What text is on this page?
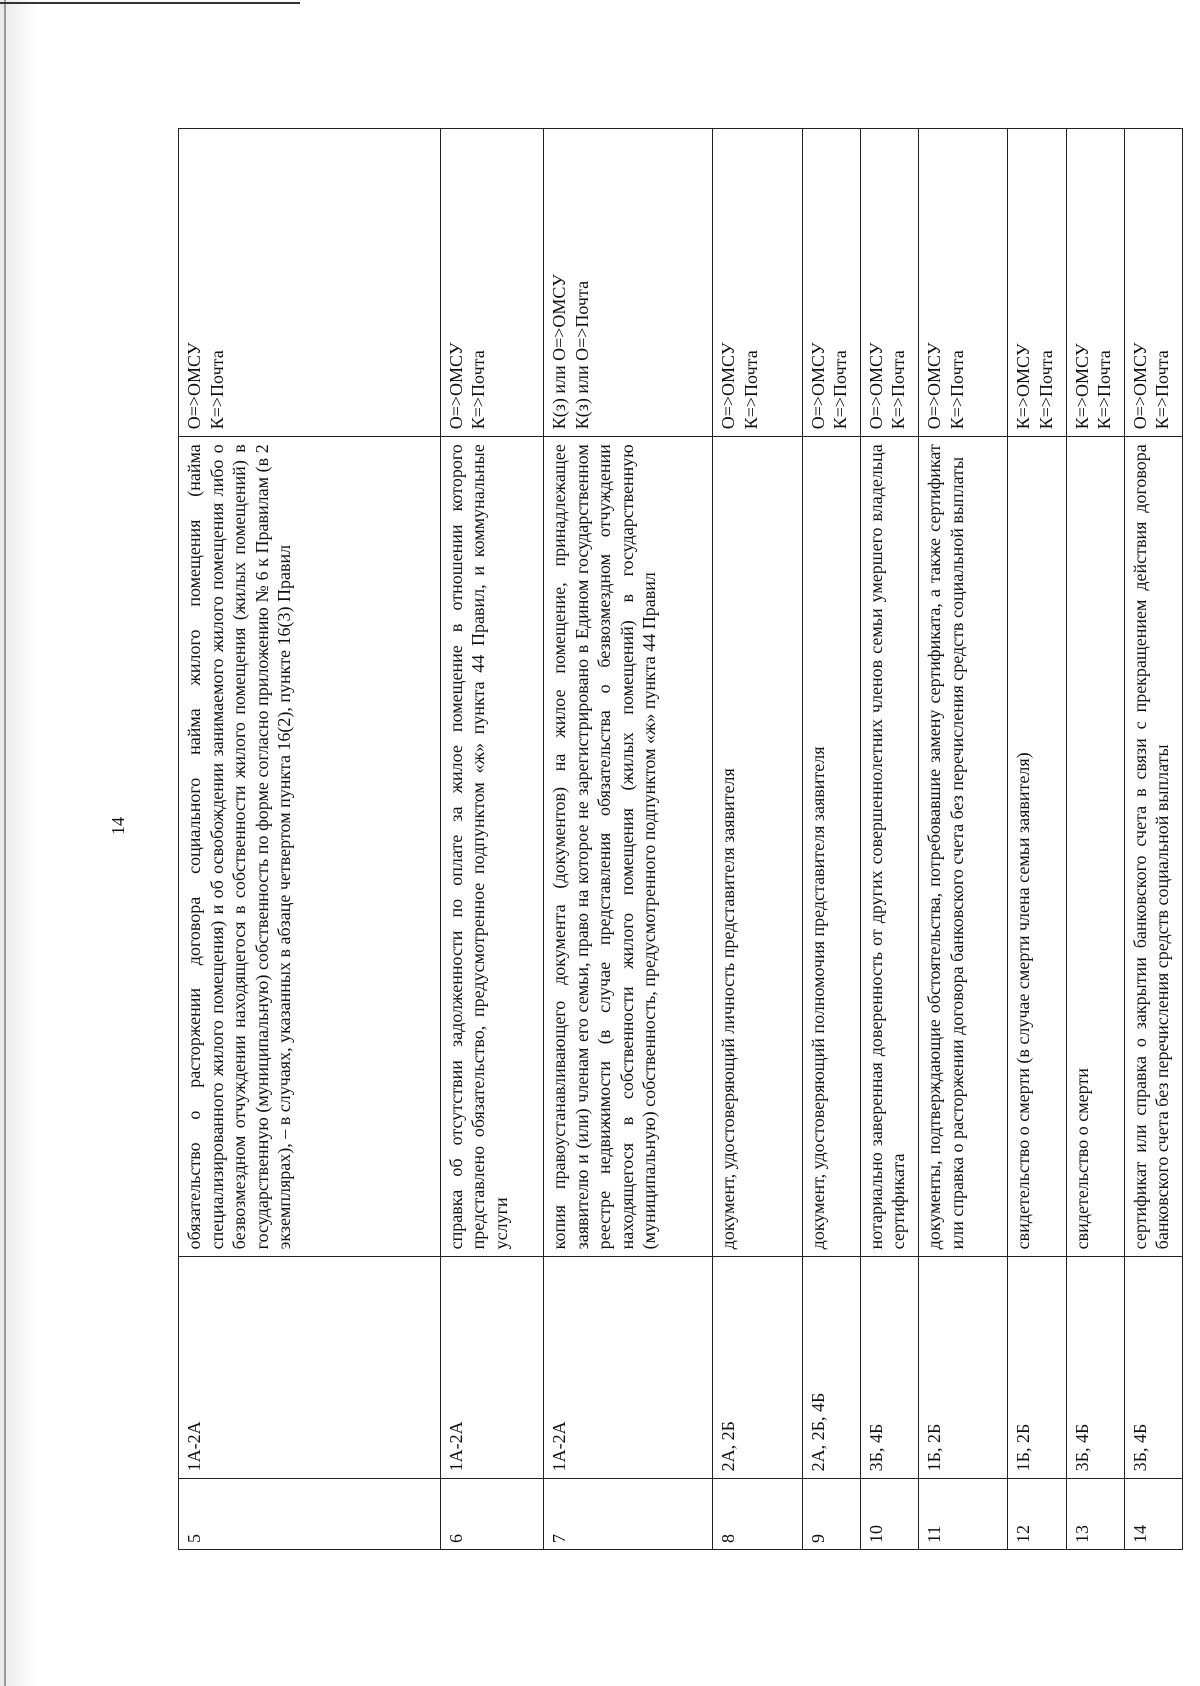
14
5	1А-2А	обязательство о расторжении договора социального найма жилого помещения (найма специализированного жилого помещения) и об освобождении занимаемого жилого помещения либо о безвозмездном отчуждении находящегося в собственности жилого помещения (жилых помещений) в государственную (муниципальную) собственность по форме согласно приложению № 6 к Правилам (в 2 экземплярах), – в случаях, указанных в абзаце четвертом пункта 16(2), пункте 16(3) Правил	О=>ОМСУ К=>Почта

6	1А-2А	справка об отсутствии задолженности по оплате за жилое помещение в отношении которого представлено обязательство, предусмотренное подпунктом «ж» пункта 44 Правил, и коммунальные услуги	О=>ОМСУ К=>Почта

7	1А-2А	копия правоустанавливающего документа (документов) на жилое помещение, принадлежащее заявителю и (или) членам его семьи, право на которое не зарегистрировано в Едином государственном реестре недвижимости (в случае представления обязательства о безвозмездном отчуждении находящегося в собственности жилого помещения (жилых помещений) в государственную (муниципальную) собственность, предусмотренного подпунктом «ж» пункта 44 Правил	К(з) или О=>ОМСУ К(з) или О=>Почта

8	2А, 2Б	документ, удостоверяющий личность представителя заявителя	О=>ОМСУ К=>Почта

9	2А, 2Б, 4Б	документ, удостоверяющий полномочия представителя заявителя	О=>ОМСУ К=>Почта

10	3Б, 4Б	нотариально заверенная доверенность от других совершеннолетних членов семьи умершего владельца сертификата	О=>ОМСУ К=>Почта

11	1Б, 2Б	документы, подтверждающие обстоятельства, потребовавшие замену сертификата, а также сертификат или справка о расторжении договора банковского счета без перечисления средств социальной выплаты	О=>ОМСУ К=>Почта

12	1Б, 2Б	свидетельство о смерти (в случае смерти члена семьи заявителя)	К=>ОМСУ К=>Почта

13	3Б, 4Б	свидетельство о смерти	К=>ОМСУ К=>Почта

14	3Б, 4Б	сертификат или справка о закрытии банковского счета в связи с прекращением действия договора банковского счета без перечисления средств социальной выплаты	О=>ОМСУ К=>Почта
